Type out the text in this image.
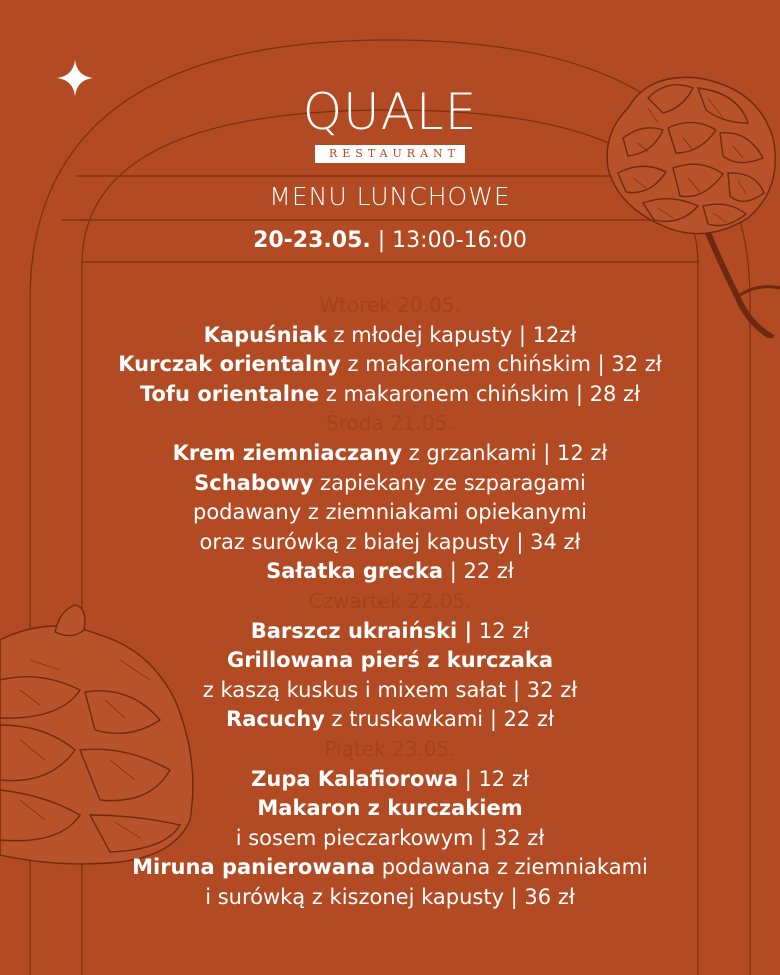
QUALE
RESTAURANT
MENU LUNCHOWE
20-23.05. | 13:00-16:00
Wtorek 20.05.
Kapuśniak z młodej kapusty | 12zł
Kurczak orientalny z makaronem chińskim | 32 zł
Tofu orientalne z makaronem chińskim | 28 zł
Środa 21.05.
Krem ziemniaczany z grzankami | 12 zł
Schabowy zapiekany ze szparagami
podawany z ziemniakami opiekanymi
oraz surówką z białej kapusty | 34 zł
Sałatka grecka | 22 zł
Czwartek 22.05.
Barszcz ukraiński | 12 zł
Grillowana pierś z kurczaka
z kaszą kuskus i mixem sałat | 32 zł
Racuchy z truskawkami | 22 zł
Piątek 23.05.
Zupa Kalafiorowa | 12 zł
Makaron z kurczakiem
i sosem pieczarkowym | 32 zł
Miruna panierowana podawana z ziemniakami
i surówką z kiszonej kapusty | 36 zł
